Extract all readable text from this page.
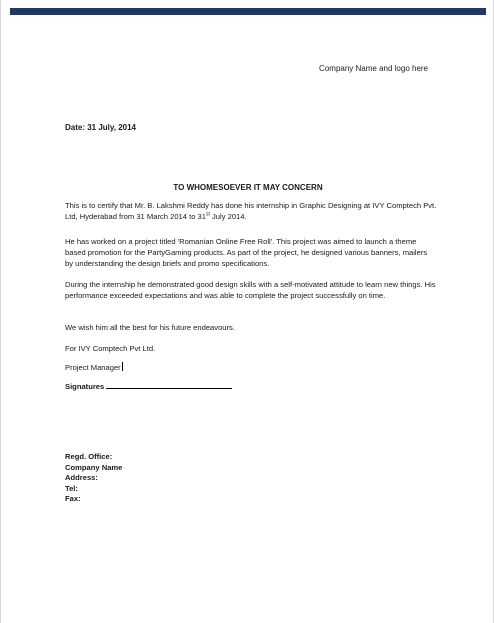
Company Name and logo here
Date: 31 July, 2014
TO WHOMESOEVER IT MAY CONCERN

This is to certify that Mr. B. Lakshmi Reddy has done his internship in Graphic Designing at IVY Comptech Pvt. Ltd, Hyderabad from 31 March 2014 to 31st July 2014.

He has worked on a project titled 'Romanian Online Free Roll'. This project was aimed to launch a theme based promotion for the PartyGaming products. As part of the project, he designed various banners, mailers by understanding the design briefs and promo specifications.

During the internship he demonstrated good design skills with a self-motivated attitude to learn new things. His performance exceeded expectations and was able to complete the project successfully on time.

We wish him all the best for his future endeavours.

For IVY Comptech Pvt Ltd.

Project Manager

Signatures
Regd. Office:
Company Name
Address:
Tel:
Fax:
